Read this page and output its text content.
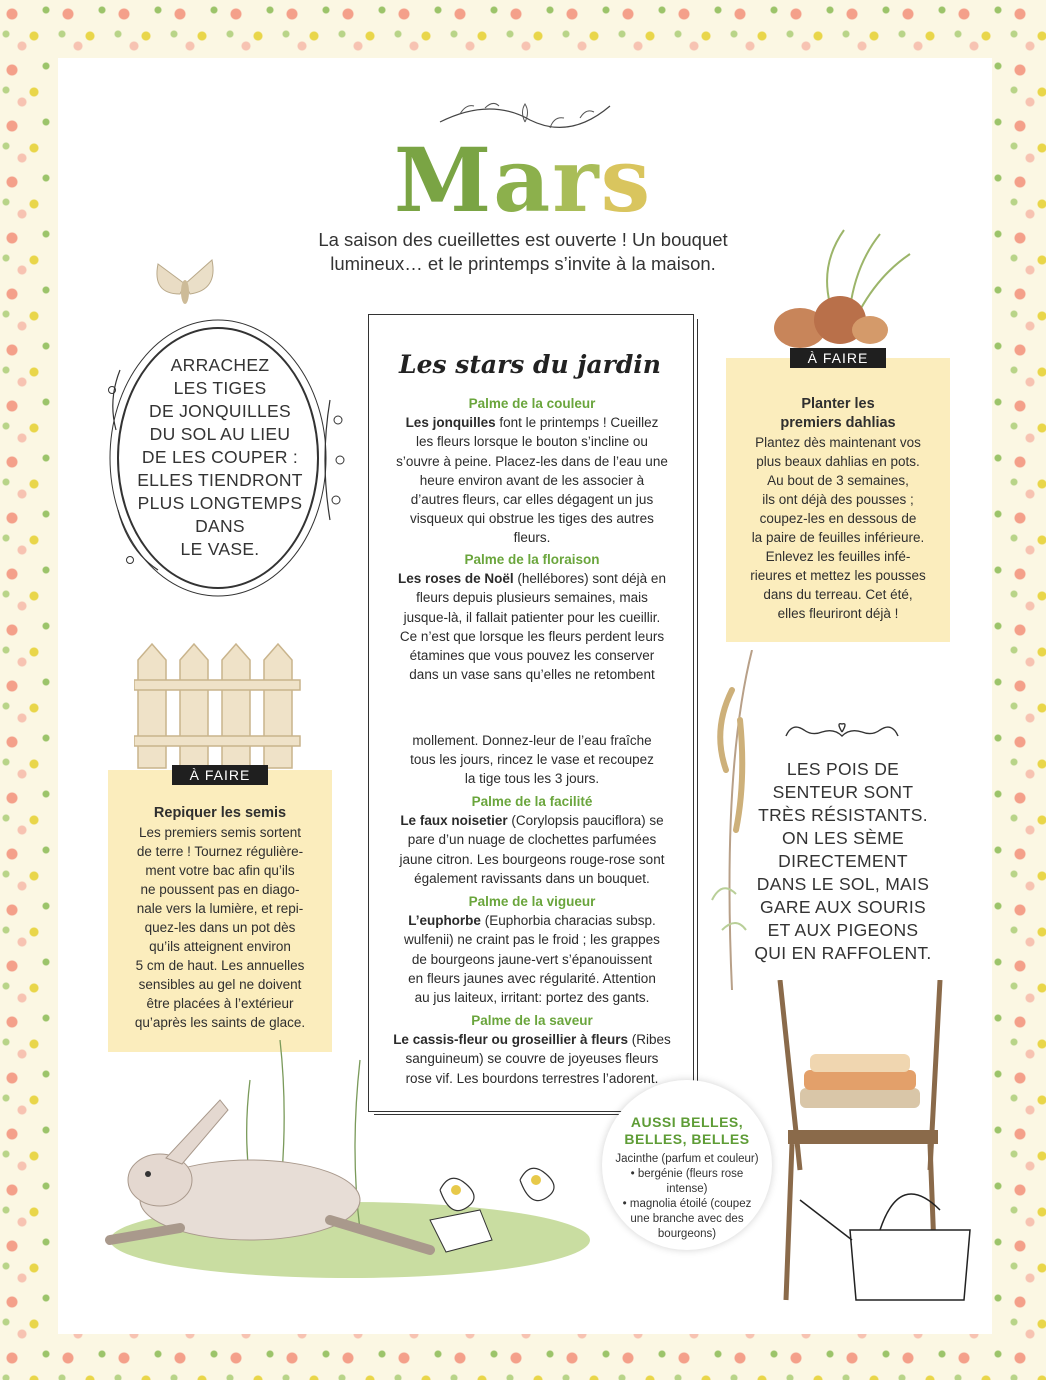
Mars
La saison des cueillettes est ouverte ! Un bouquet
lumineux… et le printemps s’invite à la maison.
ARRACHEZ
LES TIGES
DE JONQUILLES
DU SOL AU LIEU
DE LES COUPER :
ELLES TIENDRONT
PLUS LONGTEMPS
DANS
LE VASE.
Repiquer les semis
Les premiers semis sortent
de terre ! Tournez régulière-
ment votre bac afin qu’ils
ne poussent pas en diago-
nale vers la lumière, et repi-
quez-les dans un pot dès
qu’ils atteignent environ
5 cm de haut. Les annuelles
sensibles au gel ne doivent
être placées à l’extérieur
qu’après les saints de glace.
À FAIRE
Les stars du jardin
Palme de la couleur
Les jonquilles font le printemps ! Cueillez
les fleurs lorsque le bouton s’incline ou
s’ouvre à peine. Placez-les dans de l’eau une
heure environ avant de les associer à
d’autres fleurs, car elles dégagent un jus
visqueux qui obstrue les tiges des autres
fleurs.
Palme de la floraison
Les roses de Noël (hellébores) sont déjà en
fleurs depuis plusieurs semaines, mais
jusque-là, il fallait patienter pour les cueillir.
Ce n’est que lorsque les fleurs perdent leurs
étamines que vous pouvez les conserver
dans un vase sans qu’elles ne retombent
mollement. Donnez-leur de l’eau fraîche
tous les jours, rincez le vase et recoupez
la tige tous les 3 jours.
Palme de la facilité
Le faux noisetier (Corylopsis pauciflora) se
pare d’un nuage de clochettes parfumées
jaune citron. Les bourgeons rouge-rose sont
également ravissants dans un bouquet.
Palme de la vigueur
L’euphorbe (Euphorbia characias subsp.
wulfenii) ne craint pas le froid ; les grappes
de bourgeons jaune-vert s’épanouissent
en fleurs jaunes avec régularité. Attention
au jus laiteux, irritant: portez des gants.
Palme de la saveur
Le cassis-fleur ou groseillier à fleurs (Ribes
sanguineum) se couvre de joyeuses fleurs
rose vif. Les bourdons terrestres l’adorent.
Planter les
premiers dahlias
Plantez dès maintenant vos
plus beaux dahlias en pots.
Au bout de 3 semaines,
ils ont déjà des pousses ;
coupez-les en dessous de
la paire de feuilles inférieure.
Enlevez les feuilles infé-
rieures et mettez les pousses
dans du terreau. Cet été,
elles fleuriront déjà !
À FAIRE
LES POIS DE
SENTEUR SONT
TRÈS RÉSISTANTS.
ON LES SÈME
DIRECTEMENT
DANS LE SOL, MAIS
GARE AUX SOURIS
ET AUX PIGEONS
QUI EN RAFFOLENT.
AUSSI BELLES,
BELLES, BELLES
Jacinthe (parfum et couleur)
• bergénie (fleurs rose intense)
• magnolia étoilé (coupez
une branche avec des
bourgeons)
